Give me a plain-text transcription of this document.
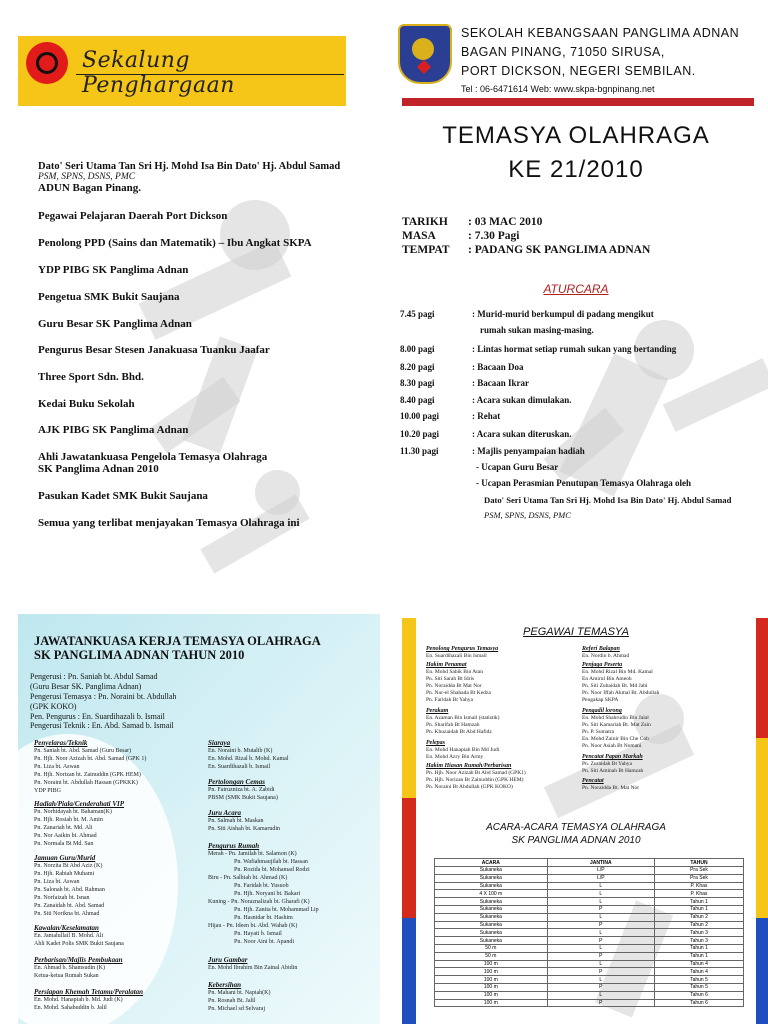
Sekalung Penghargaan
Dato' Seri Utama Tan Sri Hj. Mohd Isa Bin Dato' Hj. Abdul Samad
PSM, SPNS, DSNS, PMC
ADUN Bagan Pinang.
Pegawai Pelajaran Daerah Port Dickson
Penolong PPD (Sains dan Matematik) – Ibu Angkat SKPA
YDP PIBG SK Panglima Adnan
Pengetua SMK Bukit Saujana
Guru Besar SK Panglima Adnan
Pengurus Besar Stesen Janakuasa Tuanku Jaafar
Three Sport Sdn. Bhd.
Kedai Buku Sekolah
AJK PIBG SK Panglima Adnan
Ahli Jawatankuasa Pengelola Temasya Olahraga
SK Panglima Adnan 2010
Pasukan Kadet SMK Bukit Saujana
Semua yang terlibat menjayakan Temasya Olahraga ini
SEKOLAH KEBANGSAAN PANGLIMA ADNAN
BAGAN PINANG, 71050 SIRUSA,
PORT DICKSON, NEGERI SEMBILAN.
Tel : 06-6471614 Web: www.skpa-bgnpinang.net
TEMASYA OLAHRAGA
KE 21/2010
TARIKH : 03 MAC 2010
MASA	: 7.30 Pagi
TEMPAT : PADANG SK PANGLIMA ADNAN
ATURCARA
7.45 pagi	: Murid-murid berkumpul di padang mengikut
rumah sukan masing-masing.
8.00 pagi	: Lintas hormat setiap rumah sukan yang bertanding
8.20 pagi	: Bacaan Doa
8.30 pagi	: Bacaan Ikrar
8.40 pagi	: Acara sukan dimulakan.
10.00 pagi	: Rehat
10.20 pagi	: Acara sukan diteruskan.
11.30 pagi	: Majlis penyampaian hadiah
- Ucapan Guru Besar
- Ucapan Perasmian Penutupan Temasya Olahraga oleh
Dato' Seri Utama Tan Sri Hj. Mohd Isa Bin Dato' Hj. Abdul Samad
PSM, SPNS, DSNS, PMC
JAWATANKUASA KERJA TEMASYA OLAHRAGA
SK PANGLIMA ADNAN TAHUN 2010
Pengerusi : Pn. Saniah bt. Abdul Samad
(Guru Besar SK. Panglima Adnan)
Pengerusi Temasya : Pn. Noraini bt. Abdullah
(GPK KOKO)
Pen. Pengurus : En. Suardihazali b. Ismail
Pengerusi Teknik : En. Abd. Samad b. Ismail
Penyelaras/Teknik
Pn. Saniah bt. Abd. Samad (Guru Besar)
Pn. Hjh. Noor Azizah bt. Abd. Samad (GPK 1)
Pn. Liza bt. Aswan
Pn. Hjh. Norizan bt. Zainuddin (GPK HEM)
Pn. Noraini bt. Abdullah Hassan (GPKKK)
YDP PIBG
Hadiah/Piala/Cenderahati VIP
Pn. Norhidayah bt. Bahaman(K)
Pn. Hjh. Rosiah bt. M. Amin
Pn. Zanariah bt. Md. Ali
Pn. Nor Aaikin bt. Ahmad
Pn. Normala Bt Md. San
Jamuan Guru/Murid
Pn. Norzita Bt Abd Aziz (K)
Pn. Hjh. Rabiah Muhami
Pn. Liza bt. Aswan
Pn. Salonah bt. Abd. Rahman
Pn. Norfaizah bt. Isnan
Pn. Zanaidah bt. Abd. Samad
Pn. Siti Norikna bt. Ahmad
Kawalan/Keselamatan
En. Jamalullail B. Mohd. Ali
Ahli Kadet Polis SMK Bukit Saujana
Perbarisan/Majlis Pembukaan
En. Ahmad b. Shamsudin (K)
Ketua-ketua Rumah Sukan
Persiapan Khemah Tetamu/Peralatan
En. Mohd. Hanapiah b. Md. Judi (K)
En. Mohd. Sahabuddin b. Jalil
Siaraya
En. Noraini b. Mutalib (K)
En. Mohd. Rizal b. Mohd. Kamal
En. Suardihazali b. Ismail
Pertolongan Cemas
Pn. Fairuzniza bt. A. Zabidi
PBSM (SMK Bukit Saujana)
Juru Acara
Pn. Salmah bt. Maskan
Pn. Siti Aishah bt. Kamarudin
Pengurus Rumah
Merah - Pn. Jamilah bt. Salamon (K)
Pn. Wafiahmaujilah bt. Hassan
Pn. Rozida bt. Mohamad Rodzi
Biru - Pn. Salbiah bt. Ahmad (K)
Pn. Faridah bt. Yusuob
Pn. Hjh. Noryani bt. Bakari
Kuning - Pn. Noraznalizah bt. Gharafi (K)
Pn. Hjh. Zanita bt. Mohammad Lip
Pn. Hasnidar bt. Hashim
Hijau - Pn. Ideen bt. Abd. Wahab (K)
Pn. Hayati b. Ismail
Pn. Noor Aini bt. Apandi
Juru Gambar
En. Mohd Ibrahim Bin Zainal Abidin
Kebersihan
Pn. Mahani bt. Napiah(K)
Pn. Rosnah Bt. Jalil
Pn. Michael sd Selvaraj
PEGAWAI TEMASYA
Penolong Pengurus Temasya
En. Suardihazali Bin Ismail
Hakim Penamat
En. Mohd Sabik Bin Atan
Pn. Siti Sarah Bt Idris
Pn. Noraidda Bt Mat Nor
Pn. Nur-el Shahada Bt Kedza
Pn. Faridah Bt Yahya
Perakam
En. Azaman Bin Ismail (statistik)
Pn. Sharifah Bt Hamzah
Pn. Khuzaidah Bt Abd Hafidz
Pelepas
En. Mohd Hanapiah Bin Md Judi
En. Mohd Azry Bin Army
Hakim Hiasan Rumah/Perbarisan
Pn. Hjh. Noor Azizah Bt Abd Samad (GPK1)
Pn. Hjh. Norizan Bt Zainuddin (GPK HEM)
Pn. Noraini Bt Abdullah (GPK KOKO)
Referi Balapan
En. Nordin b. Ahmad
Penjaga Peserta
En. Mohd Rizal Bin Md. Kamal
En Amirul Bin Ameoh
Pn. Siti Zubaidah Bt. Md Jabi
Pn. Noor Iffah Akmal Bt. Abdullah
Pengakap SKPA
Pengadil lorong
En. Mohd Shahrudin Bin Jalal
Pn. Siti Kamariah Bt. Mat Zain
Pn. P. Sumatra
En. Mohd Zainir Bin Che Cob
Pn. Noor Asiah Bt Nomani
Pencatat Papan Markah
Pn. Zuraidah Bt Yahya
Pn. Siti Aminah Bt Hamzah
Pencatat
Pn. Noraidda Bt. Mat Nor
ACARA-ACARA TEMASYA OLAHRAGA
SK PANGLIMA ADNAN 2010
ACARA	JANTINA	TAHUN
Sukaneka	L/P	Pra Sek
Sukaneka	L/P	Pra Sek
Sukaneka	L	P. Khas
4 X 100 m	L	P. Khas
Sukaneka	L	Tahun 1
Sukaneka	P	Tahun 1
Sukaneka	L	Tahun 2
Sukaneka	P	Tahun 2
Sukaneka	L	Tahun 3
Sukaneka	P	Tahun 3
50 m	L	Tahun 1
50 m	P	Tahun 1
100 m	L	Tahun 4
100 m	P	Tahun 4
100 m	L	Tahun 5
100 m	P	Tahun 5
100 m	L	Tahun 6
100 m	P	Tahun 6
